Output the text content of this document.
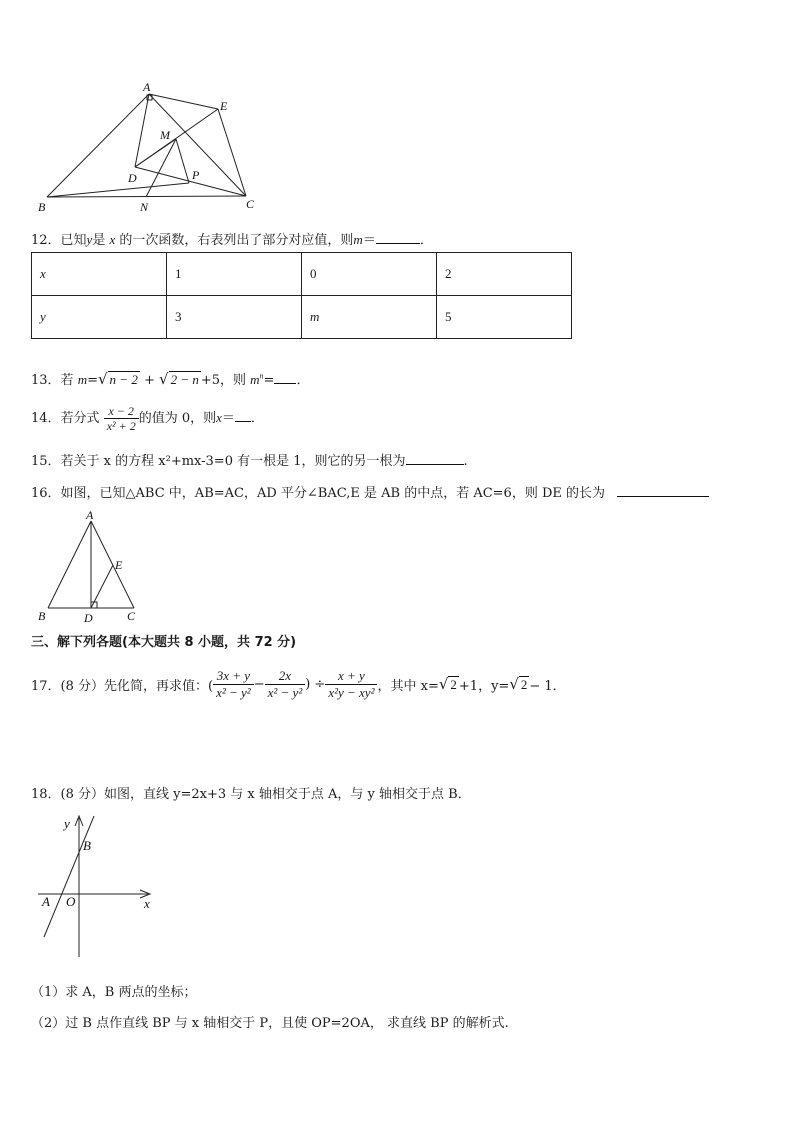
A
E
M
D	P
B	N	C
12．已知y是 x 的一次函数，右表列出了部分对应值，则m＝	．
x	1	0	2
y	3	m	5
13．若 m=√ n − 2 + √ 2 − n +5，则 $m^n=$ ．
14．若分式 $\frac{x - 2}{\text{x² + 2}}$ 的值为 0，则x＝ ．
15．若关于 x 的方程 x²+mx-3=0 有一根是 1，则它的另一根为	.
16．如图，已知△ABC 中，AB=AC，AD 平分∠BAC,E 是 AB 的中点，若 AC=6，则 DE 的长为
A
E
B	D	C
三、解下列各题(本大题共 8 小题，共 72 分)
17．(8 分）先化简，再求值：( $\frac{3x + y}{\text{x² − y²}} - \frac{2x}{\text{x² − y²}}$ ) ÷ $\frac{x + y}{\text{x²y − xy²}}$ ，其中 x= √ 2 +1，y= √ 2 − 1．
18．(8 分）如图，直线 y=2x+3 与 x 轴相交于点 A，与 y 轴相交于点 B．
y
B
A O	x
（1）求 A，B 两点的坐标；
（2）过 B 点作直线 BP 与 x 轴相交于 P，且使 OP=2OA， 求直线 BP 的解析式.
